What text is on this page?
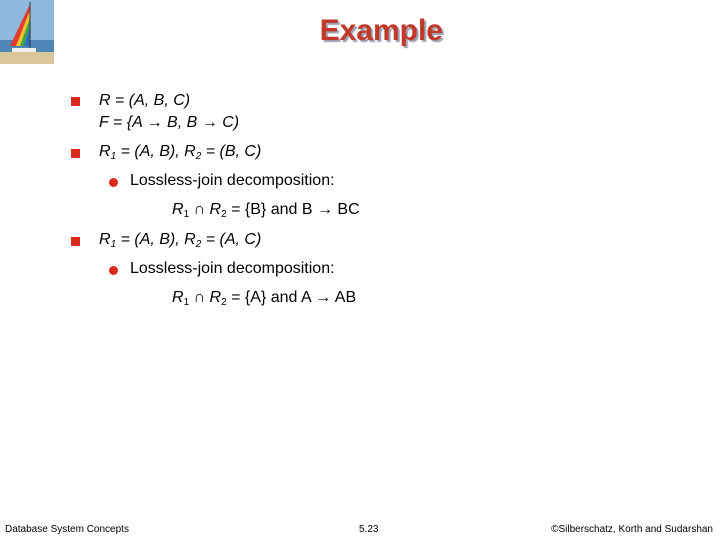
Example
R = (A, B, C)
F = {A → B, B → C)
$R_1 = (A$, B), $R_2 = (B$, C)
Lossless-join decomposition:
$R_1$ ∩ $R_2 = \{B\}$ and B → BC
$R_1 = (A$, B), $R_2 = (A$, C)
Lossless-join decomposition:
$R_1$ ∩ $R_2 = \{A\}$ and A → AB
Database System Concepts	5.23	©Silberschatz, Korth and Sudarshan
